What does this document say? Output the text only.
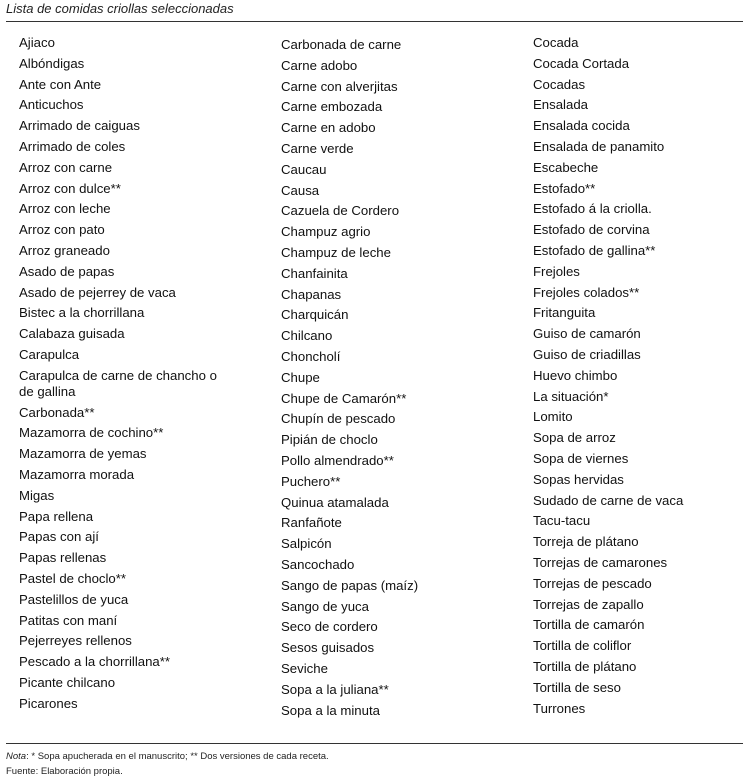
Lista de comidas criollas seleccionadas
Ajiaco
Albóndigas
Ante con Ante
Anticuchos
Arrimado de caiguas
Arrimado de coles
Arroz con carne
Arroz con dulce**
Arroz con leche
Arroz con pato
Arroz graneado
Asado de papas
Asado de pejerrey de vaca
Bistec a la chorrillana
Calabaza guisada
Carapulca
Carapulca de carne de chancho o de gallina
Carbonada**
Mazamorra de cochino**
Mazamorra de yemas
Mazamorra morada
Migas
Papa rellena
Papas con ají
Papas rellenas
Pastel de choclo**
Pastelillos de yuca
Patitas con maní
Pejerreyes rellenos
Pescado a la chorrillana**
Picante chilcano
Picarones
Carbonada de carne
Carne adobo
Carne con alverjitas
Carne embozada
Carne en adobo
Carne verde
Caucau
Causa
Cazuela de Cordero
Champuz agrio
Champuz de leche
Chanfainita
Chapanas
Charquicán
Chilcano
Choncholí
Chupe
Chupe de Camarón**
Chupín de pescado
Pipián de choclo
Pollo almendrado**
Puchero**
Quinua atamalada
Ranfañote
Salpicón
Sancochado
Sango de papas (maíz)
Sango de yuca
Seco de cordero
Sesos guisados
Seviche
Sopa a la juliana**
Sopa a la minuta
Cocada
Cocada Cortada
Cocadas
Ensalada
Ensalada cocida
Ensalada de panamito
Escabeche
Estofado**
Estofado á la criolla.
Estofado de corvina
Estofado de gallina**
Frejoles
Frejoles colados**
Fritanguita
Guiso de camarón
Guiso de criadillas
Huevo chimbo
La situación*
Lomito
Sopa de arroz
Sopa de viernes
Sopas hervidas
Sudado de carne de vaca
Tacu-tacu
Torreja de plátano
Torrejas de camarones
Torrejas de pescado
Torrejas de zapallo
Tortilla de camarón
Tortilla de coliflor
Tortilla de plátano
Tortilla de seso
Turrones
Nota: * Sopa apucherada en el manuscrito; ** Dos versiones de cada receta.
Fuente: Elaboración propia.
